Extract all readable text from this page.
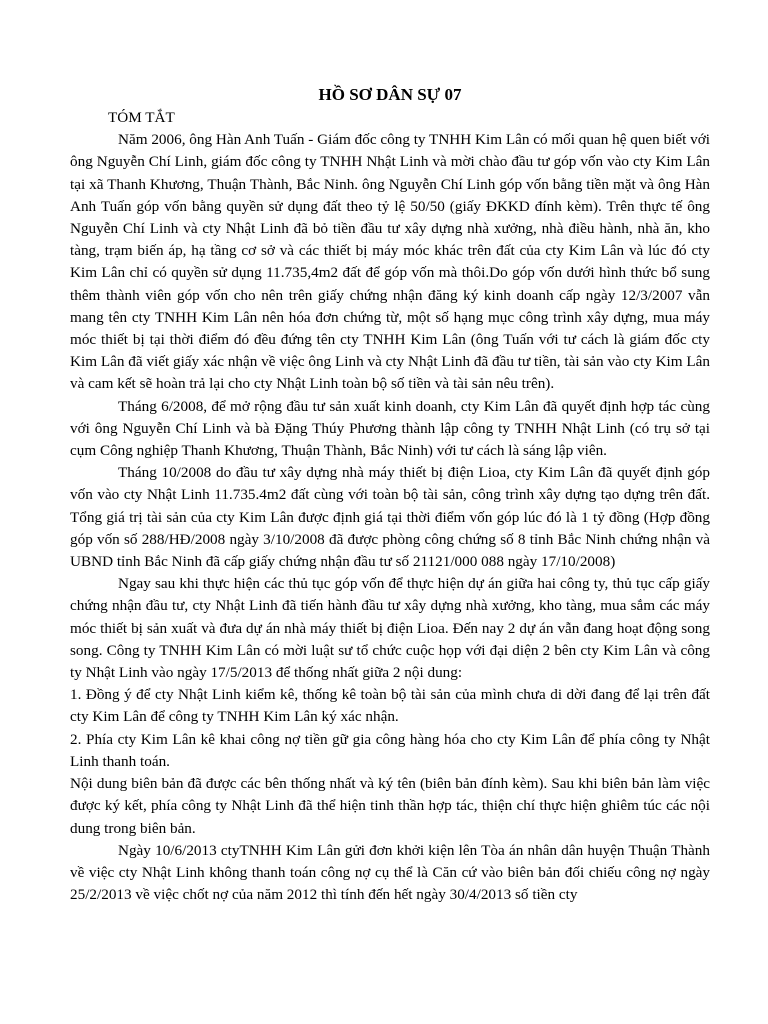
HỒ SƠ DÂN SỰ 07
TÓM TẮT

Năm 2006, ông Hàn Anh Tuấn - Giám đốc công ty TNHH Kim Lân có mối quan hệ quen biết với ông Nguyễn Chí Linh, giám đốc công ty TNHH Nhật Linh và mời chào đầu tư góp vốn vào cty Kim Lân tại xã Thanh Khương, Thuận Thành, Bắc Ninh. ông Nguyễn Chí Linh góp vốn bằng tiền mặt và ông Hàn Anh Tuấn góp vốn bằng quyền sử dụng đất theo tỷ lệ 50/50 (giấy ĐKKD đính kèm). Trên thực tế ông Nguyễn Chí Linh và cty Nhật Linh đã bỏ tiền đầu tư xây dựng nhà xưởng, nhà điều hành, nhà ăn, kho tàng, trạm biến áp, hạ tầng cơ sở và các thiết bị máy móc khác trên đất của cty Kim Lân và lúc đó cty Kim Lân chỉ có quyền sử dụng 11.735,4m2 đất để góp vốn mà thôi.Do góp vốn dưới hình thức bổ sung thêm thành viên góp vốn cho nên trên giấy chứng nhận đăng ký kinh doanh cấp ngày 12/3/2007 vẫn mang tên cty TNHH Kim Lân nên hóa đơn chứng từ, một số hạng mục công trình xây dựng, mua máy móc thiết bị tại thời điểm đó đều đứng tên cty TNHH Kim Lân (ông Tuấn với tư cách là giám đốc cty Kim Lân đã viết giấy xác nhận về việc ông Linh và cty Nhật Linh đã đầu tư tiền, tài sản vào cty Kim Lân và cam kết sẽ hoàn trả lại cho cty Nhật Linh toàn bộ số tiền và tài sản nêu trên).

Tháng 6/2008, để mở rộng đầu tư sản xuất kinh doanh, cty Kim Lân đã quyết định hợp tác cùng với ông Nguyễn Chí Linh và bà Đặng Thúy Phương thành lập công ty TNHH Nhật Linh (có trụ sở tại cụm Công nghiệp Thanh Khương, Thuận Thành, Bắc Ninh) với tư cách là sáng lập viên.

Tháng 10/2008 do đầu tư xây dựng nhà máy thiết bị điện Lioa, cty Kim Lân đã quyết định góp vốn vào cty Nhật Linh 11.735.4m2 đất cùng với toàn bộ tài sản, công trình xây dựng tạo dựng trên đất. Tổng giá trị tài sản của cty Kim Lân được định giá tại thời điểm vốn góp lúc đó là 1 tỷ đồng (Hợp đồng góp vốn số 288/HĐ/2008 ngày 3/10/2008 đã được phòng công chứng số 8 tỉnh Bắc Ninh chứng nhận và UBND tỉnh Bắc Ninh đã cấp giấy chứng nhận đầu tư số 21121/000 088 ngày 17/10/2008)

Ngay sau khi thực hiện các thủ tục góp vốn để thực hiện dự án giữa hai công ty, thủ tục cấp giấy chứng nhận đầu tư, cty Nhật Linh đã tiến hành đầu tư xây dựng nhà xưởng, kho tàng, mua sắm các máy móc thiết bị sản xuất và đưa dự án nhà máy thiết bị điện Lioa. Đến nay 2 dự án vẫn đang hoạt động song song. Công ty TNHH Kim Lân có mời luật sư tổ chức cuộc họp với đại diện 2 bên cty Kim Lân và công ty Nhật Linh vào ngày 17/5/2013 để thống nhất giữa 2 nội dung:

1. Đồng ý để cty Nhật Linh kiểm kê, thống kê toàn bộ tài sản của mình chưa di dời đang để lại trên đất cty Kim Lân để công ty TNHH Kim Lân ký xác nhận.

2. Phía cty Kim Lân kê khai công nợ tiền gữ gia công hàng hóa cho cty Kim Lân để phía công ty Nhật Linh thanh toán.

Nội dung biên bản đã được các bên thống nhất và ký tên (biên bản đính kèm). Sau khi biên bản làm việc được ký kết, phía công ty Nhật Linh đã thể hiện tinh thần hợp tác, thiện chí thực hiện ghiêm túc các nội dung trong biên bản.

Ngày 10/6/2013 ctyTNHH Kim Lân gửi đơn khởi kiện lên Tòa án nhân dân huyện Thuận Thành về việc cty Nhật Linh không thanh toán công nợ cụ thể là Căn cứ vào biên bản đối chiếu công nợ ngày 25/2/2013 về việc chốt nợ của năm 2012 thì tính đến hết ngày 30/4/2013 số tiền cty
